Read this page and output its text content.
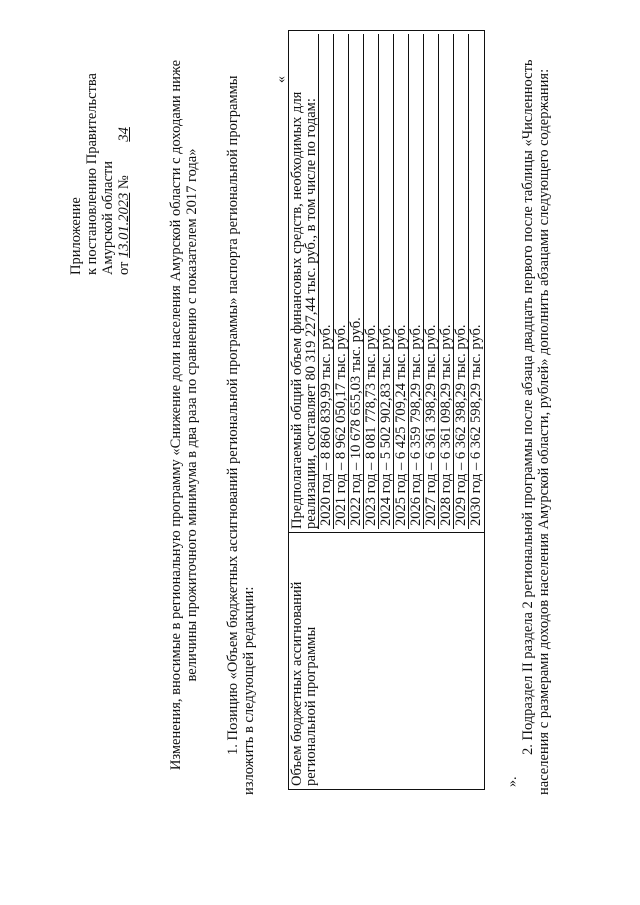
Приложение к постановлению Правительства Амурской области от 13.01.2023 № 34 Изменения, вносимые в региональную программу «Снижение доли населения Амурской области с доходами ниже величины прожиточного минимума в два раза по сравнению с показателем 2017 года» 1. Позицию «Объем бюджетных ассигнований региональной программы» паспорта региональной программы изложить в следующей редакции:
«
Объем бюджетных ассигнований региональной программы	
Предполагаемый общий объем финансовых средств, необходимых для реализации, составляет 80 319 227,44 тыс. руб., в том числе по годам: 2020 год – 8 860 839,99 тыс. руб. 2021 год – 8 962 050,17 тыс. руб. 2022 год – 10 678 655,03 тыс. руб. 2023 год – 8 081 778,73 тыс. руб. 2024 год – 5 502 902,83 тыс. руб. 2025 год – 6 425 709,24 тыс. руб. 2026 год – 6 359 798,29 тыс. руб. 2027 год – 6 361 398,29 тыс. руб. 2028 год – 6 361 098,29 тыс. руб. 2029 год – 6 362 398,29 тыс. руб. 2030 год – 6 362 598,29 тыс. руб.
».
2. Подраздел II раздела 2 региональной программы после абзаца двадцать первого после таблицы «Численность населения с размерами доходов населения Амурской области, рублей» дополнить абзацами следующего содержания:
